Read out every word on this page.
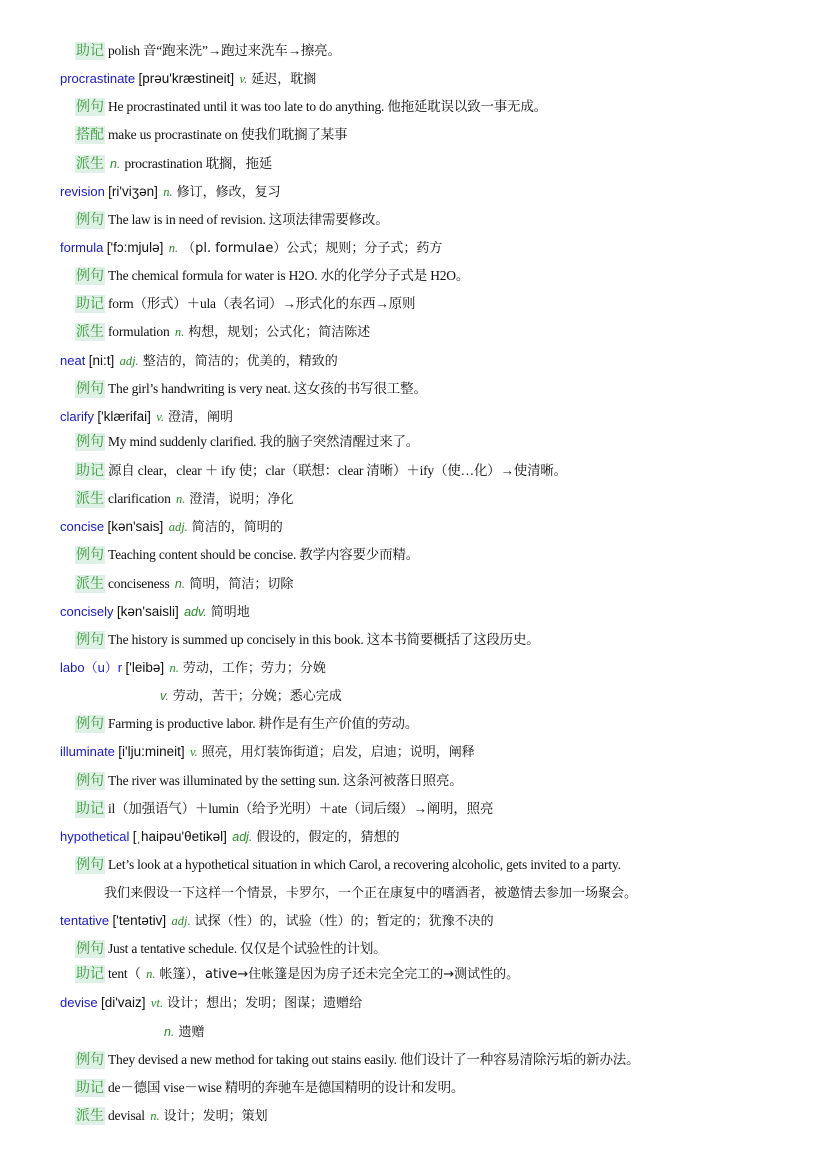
助记 polish 音“跑来洗”→跑过来洗车→擦亮。
procrastinate [prəu'kræstineit] v. 延迟，耽搁
例句 He procrastinated until it was too late to do anything. 他拖延耽误以致一事无成。
搭配 make us procrastinate on 使我们耽搁了某事
派生 n. procrastination 耽搁，拖延
revision [ri'viʒən] n. 修订，修改，复习
例句 The law is in need of revision. 这项法律需要修改。
formula ['fɔ:mjulə] n. （pl. formulae）公式；规则；分子式；药方
例句 The chemical formula for water is H2O. 水的化学分子式是 H2O。
助记 form（形式）＋ula（表名词）→形式化的东西→原则
派生 formulation n. 构想，规划；公式化；简洁陈述
neat [ni:t] adj. 整洁的，简洁的；优美的，精致的
例句 The girl’s handwriting is very neat. 这女孩的书写很工整。
clarify ['klærifai] v. 澄清，阐明
例句 My mind suddenly clarified. 我的脑子突然清醒过来了。
助记 源自 clear，clear ＋ ify 使；clar（联想：clear 清晰）＋ify（使…化）→使清晰。
派生 clarification n. 澄清，说明；净化
concise [kən'sais] adj. 简洁的，简明的
例句 Teaching content should be concise. 教学内容要少而精。
派生 conciseness n. 简明，简洁；切除
concisely [kən'saisli] adv. 简明地
例句 The history is summed up concisely in this book. 这本书简要概括了这段历史。
labo（u）r ['leibə] n. 劳动，工作；劳力；分娩
v. 劳动，苦干；分娩；悉心完成
例句 Farming is productive labor. 耕作是有生产价值的劳动。
illuminate [i'lju:mineit] v. 照亮，用灯装饰街道；启发，启迪；说明，阐释
例句 The river was illuminated by the setting sun. 这条河被落日照亮。
助记 il（加强语气）＋lumin（给予光明）＋ate（词后缀）→阐明，照亮
hypothetical [ˌhaipəu'θetikəl] adj. 假设的，假定的，猜想的
例句 Let’s look at a hypothetical situation in which Carol, a recovering alcoholic, gets invited to a party.
我们来假设一下这样一个情景，卡罗尔，一个正在康复中的嗜酒者，被邀情去参加一场聚会。
tentative ['tentətiv] adj. 试探（性）的，试验（性）的；暂定的；犹豫不决的
例句 Just a tentative schedule. 仅仅是个试验性的计划。
助记 tent（ n. 帐篷），ative→住帐篷是因为房子还未完全完工的→测试性的。
devise [di'vaiz] vt. 设计；想出；发明；图谋；遗赠给
n. 遗赠
例句 They devised a new method for taking out stains easily. 他们设计了一种容易清除污垢的新办法。
助记 de－德国 vise－wise 精明的奔驰车是德国精明的设计和发明。
派生 devisal n. 设计；发明；策划
